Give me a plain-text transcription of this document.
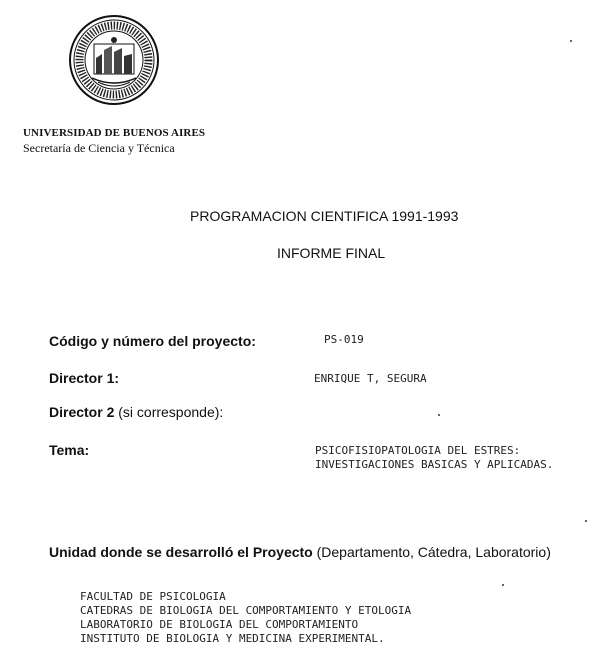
UNIVERSIDAD DE BUENOS AIRES
Secretaría de Ciencia y Técnica
PROGRAMACION CIENTIFICA 1991-1993
INFORME FINAL
Código y número del proyecto:	PS-019
Director 1:	ENRIQUE T, SEGURA
Director 2 (si corresponde):
Tema:	PSICOFISIOPATOLOGIA DEL ESTRES:
INVESTIGACIONES BASICAS Y APLICADAS.
Unidad donde se desarrolló el Proyecto (Departamento, Cátedra, Laboratorio)
FACULTAD DE PSICOLOGIA
CATEDRAS DE BIOLOGIA DEL COMPORTAMIENTO Y ETOLOGIA
LABORATORIO DE BIOLOGIA DEL COMPORTAMIENTO
INSTITUTO DE BIOLOGIA Y MEDICINA EXPERIMENTAL.
